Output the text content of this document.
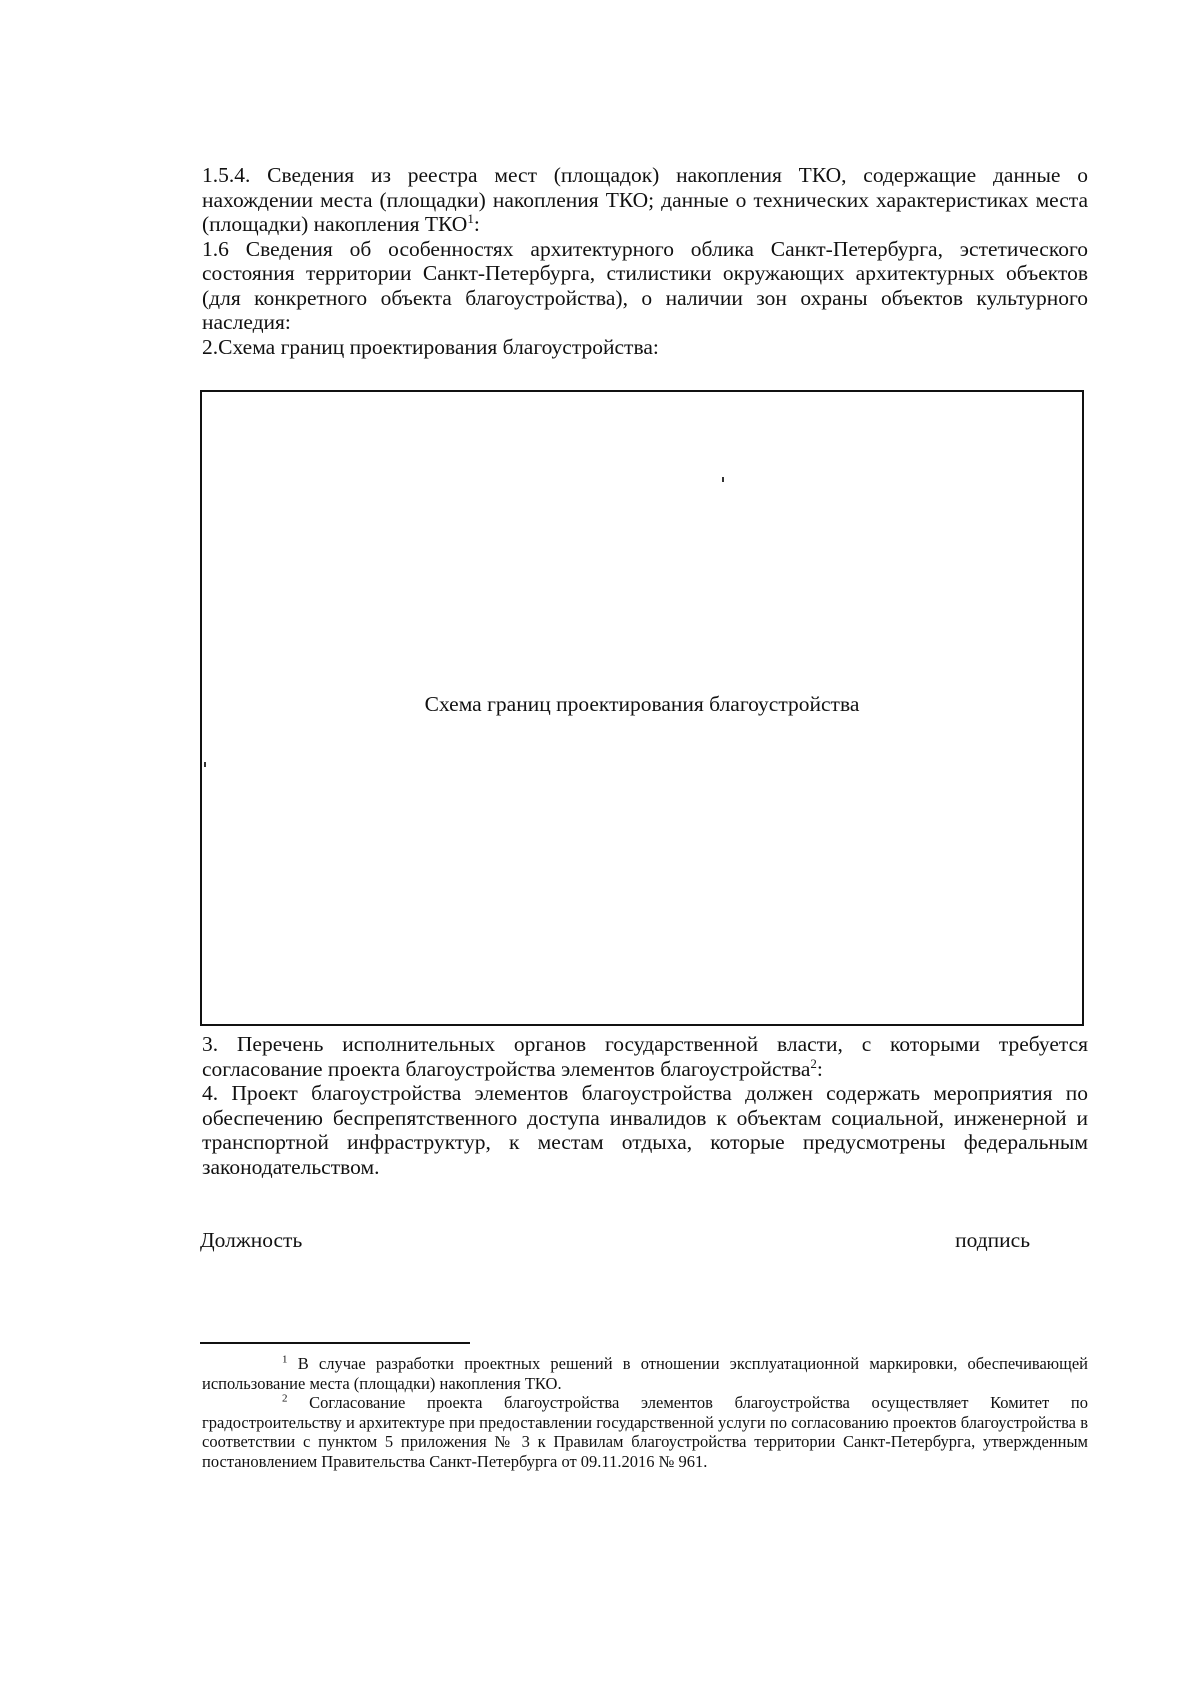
1.5.4. Сведения из реестра мест (площадок) накопления ТКО, содержащие данные о нахождении места (площадки) накопления ТКО; данные о технических характеристиках места (площадки) накопления ТКО$^1$:

1.6 Сведения об особенностях архитектурного облика Санкт-Петербурга, эстетического состояния территории Санкт-Петербурга, стилистики окружающих архитектурных объектов (для конкретного объекта благоустройства), о наличии зон охраны объектов культурного наследия:

2.Схема границ проектирования благоустройства:

Схема границ проектирования благоустройства

3. Перечень исполнительных органов государственной власти, с которыми требуется согласование проекта благоустройства элементов благоустройства$^2$:

4. Проект благоустройства элементов благоустройства должен содержать мероприятия по обеспечению беспрепятственного доступа инвалидов к объектам социальной, инженерной и транспортной инфраструктур, к местам отдыха, которые предусмотрены федеральным законодательством.

Должность	подпись

$^1$ В случае разработки проектных решений в отношении эксплуатационной маркировки, обеспечивающей использование места (площадки) накопления ТКО.

$^2$ Согласование проекта благоустройства элементов благоустройства осуществляет Комитет по градостроительству и архитектуре при предоставлении государственной услуги по согласованию проектов благоустройства в соответствии с пунктом 5 приложения № 3 к Правилам благоустройства территории Санкт-Петербурга, утвержденным постановлением Правительства Санкт-Петербурга от 09.11.2016 № 961.
